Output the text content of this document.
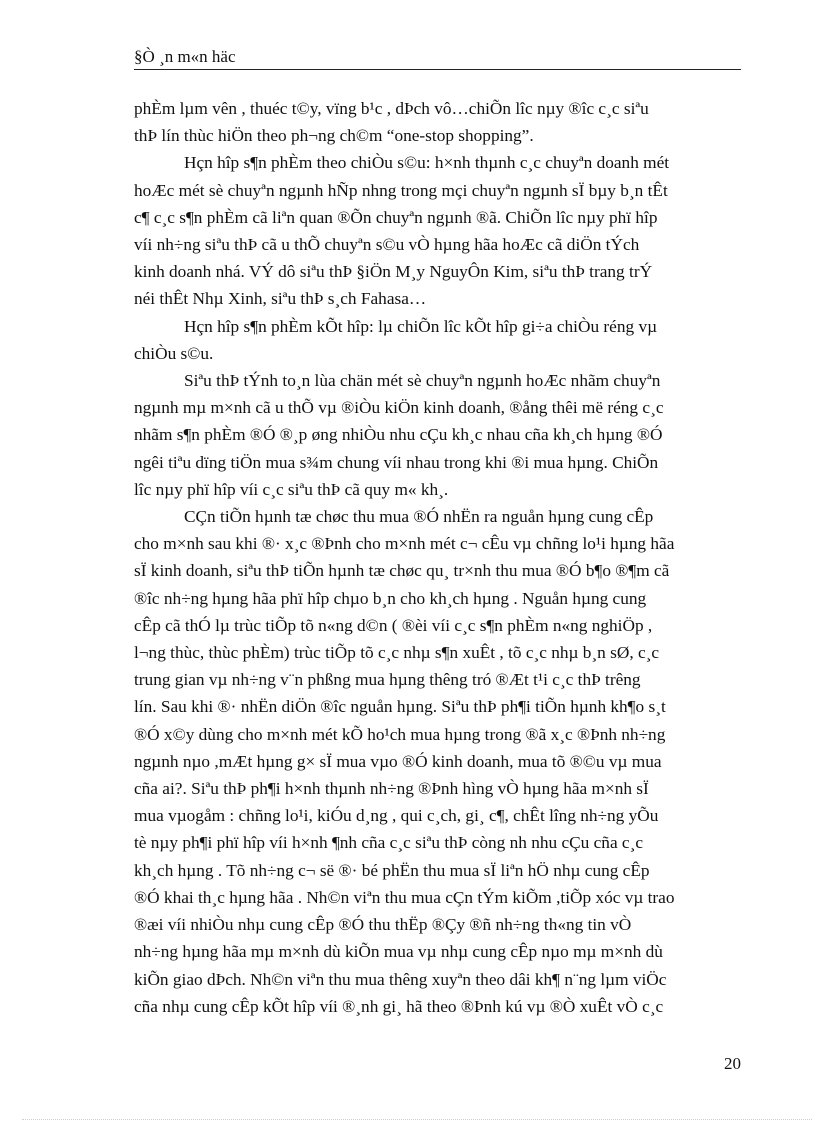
§Ò ¸n m«n häc

phÈm lµm vên , thuéc t©y, vïng b¹c , dÞch vô…chiÕn lîc nµy ®îc c¸c siªu
thÞ lín thùc hiÖn theo ph¬ng ch©m “one-stop shopping”.
Hçn hîp s¶n phÈm theo chiÒu s©u: h×nh thµnh c¸c chuyªn doanh mét
hoÆc mét sè chuyªn ngµnh hÑp nhng trong mçi chuyªn ngµnh sÏ bµy b¸n tÊt
c¶ c¸c s¶n phÈm cã liªn quan ®Õn chuyªn ngµnh ®ã. ChiÕn lîc nµy phï hîp
víi nh÷ng siªu thÞ cã u thÕ chuyªn s©u vÒ hµng hãa hoÆc cã diÖn tÝch
kinh doanh nhá. VÝ dô siªu thÞ §iÖn M¸y NguyÔn Kim, siªu thÞ trang trÝ
néi thÊt Nhµ Xinh, siªu thÞ s¸ch Fahasa…
Hçn hîp s¶n phÈm kÕt hîp: lµ chiÕn lîc kÕt hîp gi÷a chiÒu réng vµ
chiÒu s©u.
Siªu thÞ tÝnh to¸n lùa chän mét sè chuyªn ngµnh hoÆc nhãm chuyªn
ngµnh mµ m×nh cã u thÕ vµ ®iÒu kiÖn kinh doanh, ®ång thêi më réng c¸c
nhãm s¶n phÈm ®Ó ®¸p øng nhiÒu nhu cÇu kh¸c nhau cña kh¸ch hµng ®Ó
ngêi tiªu dïng tiÖn mua s¾m chung víi nhau trong khi ®i mua hµng. ChiÕn
lîc nµy phï hîp víi c¸c siªu thÞ cã quy m« kh¸.
CÇn tiÕn hµnh tæ chøc thu mua ®Ó nhËn ra nguån hµng cung cÊp
cho m×nh sau khi ®· x¸c ®Þnh cho m×nh mét c¬ cÊu vµ chñng lo¹i hµng hãa
sÏ kinh doanh, siªu thÞ tiÕn hµnh tæ chøc qu¸ tr×nh thu mua ®Ó b¶o ®¶m cã
®îc nh÷ng hµng hãa phï hîp chµo b¸n cho kh¸ch hµng . Nguån hµng cung
cÊp cã thÓ lµ trùc tiÕp tõ n«ng d©n ( ®èi víi c¸c s¶n phÈm n«ng nghiÖp ,
l¬ng thùc, thùc phÈm) trùc tiÕp tõ c¸c nhµ s¶n xuÊt , tõ c¸c nhµ b¸n sØ, c¸c
trung gian vµ nh÷ng v¨n phßng mua hµng thêng tró ®Æt t¹i c¸c thÞ trêng
lín. Sau khi ®· nhËn diÖn ®îc nguån hµng. Siªu thÞ ph¶i tiÕn hµnh kh¶o s¸t
®Ó x©y dùng cho m×nh mét kÕ ho¹ch mua hµng trong ®ã x¸c ®Þnh nh÷ng
ngµnh nµo ,mÆt hµng g× sÏ mua vµo ®Ó kinh doanh, mua tõ ®©u vµ mua
cña ai?. Siªu thÞ ph¶i h×nh thµnh nh÷ng ®Þnh hìng vÒ hµng hãa m×nh sÏ
mua vµogåm : chñng lo¹i, kiÓu d¸ng , qui c¸ch, gi¸ c¶, chÊt lîng nh÷ng yÕu
tè nµy ph¶i phï hîp víi h×nh ¶nh cña c¸c siªu thÞ còng nh nhu cÇu cña c¸c
kh¸ch hµng . Tõ nh÷ng c¬ së ®· bé phËn thu mua sÏ liªn hÖ nhµ cung cÊp
®Ó khai th¸c hµng hãa . Nh©n viªn thu mua cÇn tÝm kiÕm ,tiÕp xóc vµ trao
®æi víi nhiÒu nhµ cung cÊp ®Ó thu thËp ®Çy ®ñ nh÷ng th«ng tin vÒ
nh÷ng hµng hãa mµ m×nh dù kiÕn mua vµ nhµ cung cÊp nµo mµ m×nh dù
kiÕn giao dÞch. Nh©n viªn thu mua thêng xuyªn theo dâi kh¶ n¨ng lµm viÖc
cña nhµ cung cÊp kÕt hîp víi ®¸nh gi¸ hã theo ®Þnh kú vµ ®Ò xuÊt vÒ c¸c

20
